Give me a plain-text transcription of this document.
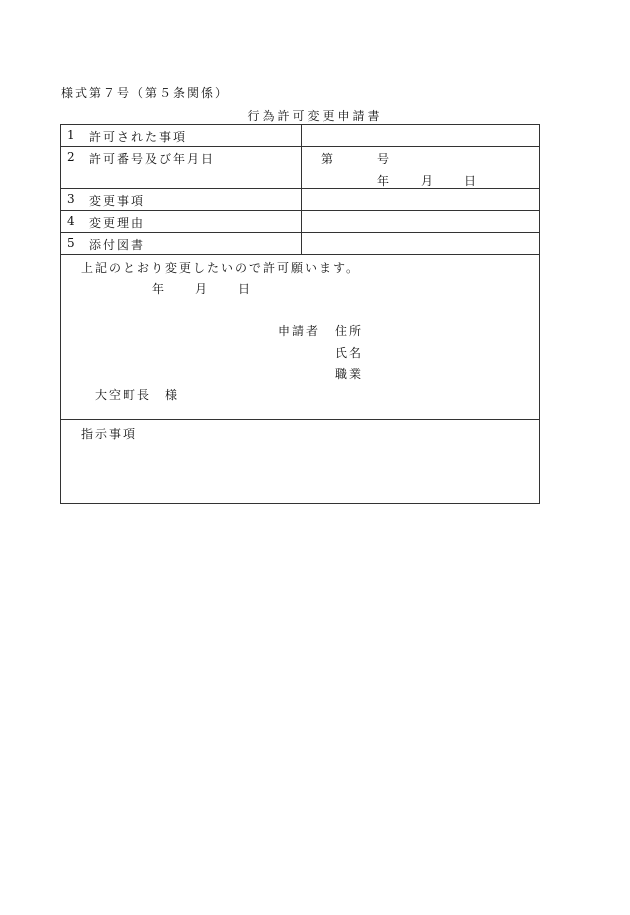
様式第７号（第５条関係）
行為許可変更申請書
1 許可された事項
2 許可番号及び年月日	第	号
年 月 日
3 変更事項
4 変更理由
5 添付図書
上記のとおり変更したいので許可願います。
年 月 日
申請者 住所
氏名
職業
大空町長　様
指示事項
